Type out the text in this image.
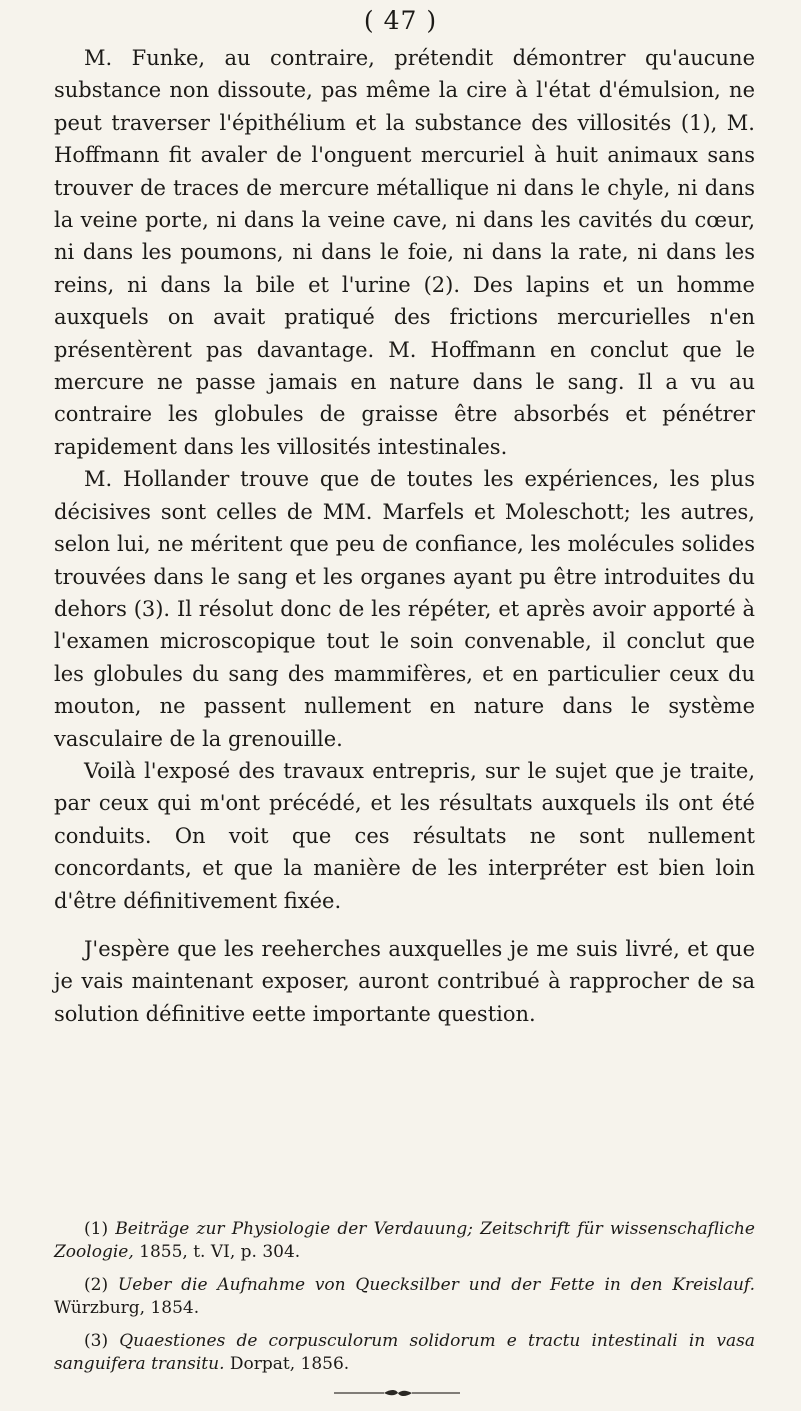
( 47 )

M. Funke, au contraire, prétendit démontrer qu'aucune substance non dissoute, pas même la cire à l'état d'émulsion, ne peut traverser l'épithélium et la substance des villosités (1), M. Hoffmann fit avaler de l'onguent mercuriel à huit animaux sans trouver de traces de mercure métallique ni dans le chyle, ni dans la veine porte, ni dans la veine cave, ni dans les cavités du cœur, ni dans les poumons, ni dans le foie, ni dans la rate, ni dans les reins, ni dans la bile et l'urine (2). Des lapins et un homme auxquels on avait pratiqué des frictions mercurielles n'en présentèrent pas davantage. M. Hoffmann en conclut que le mercure ne passe jamais en nature dans le sang. Il a vu au contraire les globules de graisse être absorbés et pénétrer rapidement dans les villosités intestinales.

M. Hollander trouve que de toutes les expériences, les plus décisives sont celles de MM. Marfels et Moleschott; les autres, selon lui, ne méritent que peu de confiance, les molécules solides trouvées dans le sang et les organes ayant pu être introduites du dehors (3). Il résolut donc de les répéter, et après avoir apporté à l'examen microscopique tout le soin convenable, il conclut que les globules du sang des mammifères, et en particulier ceux du mouton, ne passent nullement en nature dans le système vasculaire de la grenouille.

Voilà l'exposé des travaux entrepris, sur le sujet que je traite, par ceux qui m'ont précédé, et les résultats auxquels ils ont été conduits. On voit que ces résultats ne sont nullement concordants, et que la manière de les interpréter est bien loin d'être définitivement fixée.

J'espère que les reeherches auxquelles je me suis livré, et que je vais maintenant exposer, auront contribué à rapprocher de sa solution définitive eette importante question.

(1) Beiträge zur Physiologie der Verdauung; Zeitschrift für wissenschafliche Zoologie, 1855, t. VI, p. 304.

(2) Ueber die Aufnahme von Quecksilber und der Fette in den Kreislauf. Würzburg, 1854.

(3) Quaestiones de corpusculorum solidorum e tractu intestinali in vasa sanguifera transitu. Dorpat, 1856.
